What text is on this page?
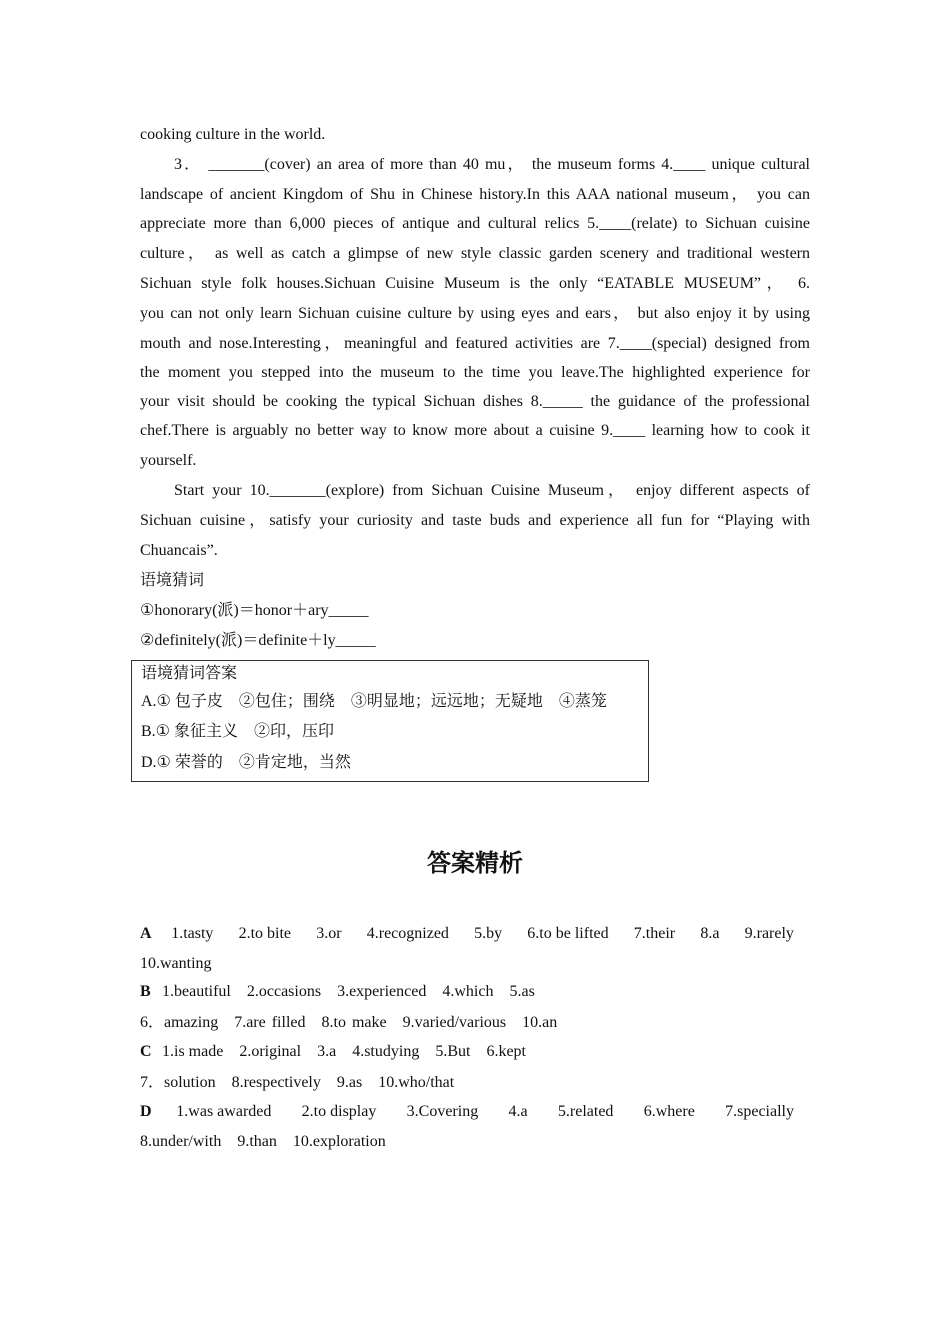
cooking culture in the world.
3． _______(cover) an area of more than 40 mu， the museum forms 4.____ unique cultural
landscape of ancient Kingdom of Shu in Chinese history.In this AAA national museum， you can
appreciate more than 6,000 pieces of antique and cultural relics 5.____(relate) to Sichuan cuisine
culture， as well as catch a glimpse of new style classic garden scenery and traditional western
Sichuan style folk houses.Sichuan Cuisine Museum is the only “EATABLE MUSEUM”， 6.
you can not only learn Sichuan cuisine culture by using eyes and ears， but also enjoy it by using
mouth and nose.Interesting，meaningful and featured activities are 7.____(special) designed from
the moment you stepped into the museum to the time you leave.The highlighted experience for
your visit should be cooking the typical Sichuan dishes 8._____ the guidance of the professional
chef.There is arguably no better way to know more about a cuisine 9.____ learning how to cook it
yourself.
Start your 10._______(explore) from Sichuan Cuisine Museum， enjoy different aspects of
Sichuan cuisine，satisfy your curiosity and taste buds and experience all fun for “Playing with
Chuancais”.
语境猜词
①honorary(派)＝honor＋ary_____
②definitely(派)＝definite＋ly_____
语境猜词答案
A.① 包子皮　②包住；围绕　③明显地；远远地；无疑地　④蒸笼
B.① 象征主义　②印，压印
D.① 荣誉的　②肯定地，当然
答案精析
A	1.tasty 2.to bite 3.or 4.recognized 5.by 6.to be lifted 7.their 8.a 9.rarely
10.wanting
B 1.beautiful 2.occasions 3.experienced 4.which 5.as
6．amazing　7.are filled　8.to make　9.varied/various　10.an
C 1.is made 2.original 3.a 4.studying 5.But 6.kept
7．solution　8.respectively　9.as　10.who/that
D	1.was awarded 2.to display 3.Covering 4.a 5.related 6.where 7.specially
8.under/with　9.than　10.exploration
